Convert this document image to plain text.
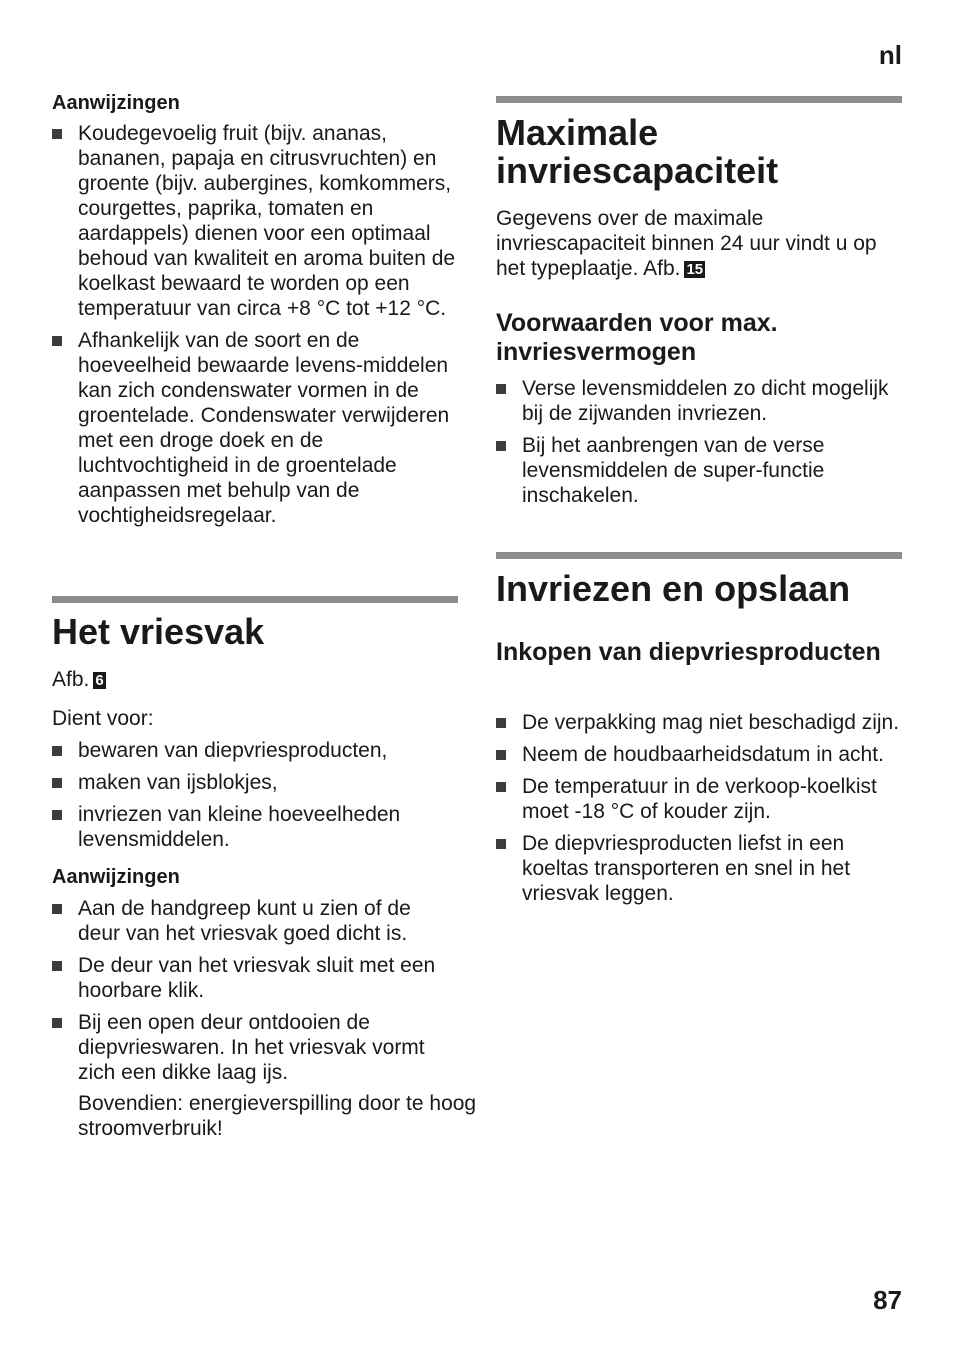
nl
Aanwijzingen
Koudegevoelig fruit (bijv. ananas, bananen, papaja en citrusvruchten) en groente (bijv. aubergines, komkommers, courgettes, paprika, tomaten en aardappels) dienen voor een optimaal behoud van kwaliteit en aroma buiten de koelkast bewaard te worden op een temperatuur van circa +8 °C tot +12 °C.
Afhankelijk van de soort en de hoeveelheid bewaarde levens-middelen kan zich condenswater vormen in de groentelade. Condenswater verwijderen met een droge doek en de luchtvochtigheid in de groentelade aanpassen met behulp van de vochtigheidsregelaar.
Het vriesvak
Afb. 6
Dient voor:
bewaren van diepvriesproducten,
maken van ijsblokjes,
invriezen van kleine hoeveelheden levensmiddelen.
Aanwijzingen
Aan de handgreep kunt u zien of de deur van het vriesvak goed dicht is.
De deur van het vriesvak sluit met een hoorbare klik.
Bij een open deur ontdooien de diepvrieswaren. In het vriesvak vormt zich een dikke laag ijs.
Bovendien: energieverspilling door te hoog stroomverbruik!
Maximale invriescapaciteit
Gegevens over de maximale invriescapaciteit binnen 24 uur vindt u op het typeplaatje. Afb. 15
Voorwaarden voor max. invriesvermogen
Verse levensmiddelen zo dicht mogelijk bij de zijwanden invriezen.
Bij het aanbrengen van de verse levensmiddelen de super-functie inschakelen.
Invriezen en opslaan
Inkopen van diepvriesproducten
De verpakking mag niet beschadigd zijn.
Neem de houdbaarheidsdatum in acht.
De temperatuur in de verkoop-koelkist moet -18 °C of kouder zijn.
De diepvriesproducten liefst in een koeltas transporteren en snel in het vriesvak leggen.
87
